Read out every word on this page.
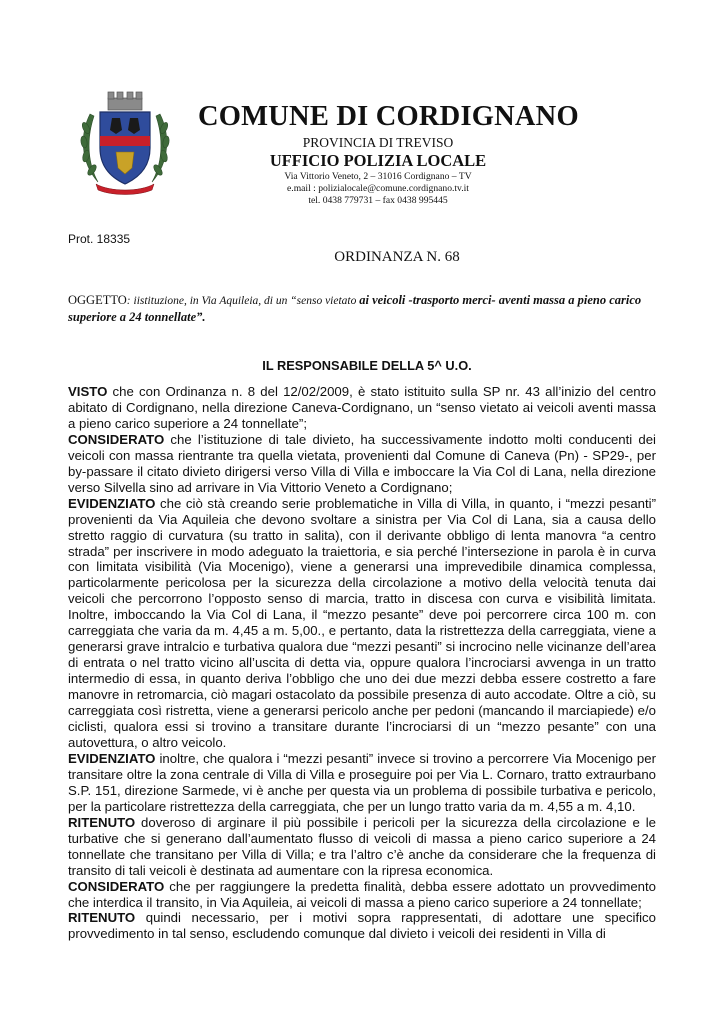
COMUNE DI CORDIGNANO
PROVINCIA DI TREVISO
UFFICIO POLIZIA LOCALE
Via Vittorio Veneto, 2 – 31016 Cordignano – TV
e.mail : polizialocale@comune.cordignano.tv.it
tel. 0438 779731 – fax 0438 995445
Prot. 18335
ORDINANZA N. 68
OGGETTO: iistituzione, in Via Aquileia, di un “senso vietato ai veicoli -trasporto merci- aventi massa a pieno carico superiore a 24 tonnellate”.
IL RESPONSABILE DELLA 5^ U.O.

VISTO che con Ordinanza n. 8 del 12/02/2009, è stato istituito sulla SP nr. 43 all’inizio del centro abitato di Cordignano, nella direzione Caneva-Cordignano, un “senso vietato ai veicoli aventi massa a pieno carico superiore a 24 tonnellate”;

CONSIDERATO che l’istituzione di tale divieto, ha successivamente indotto molti conducenti dei veicoli con massa rientrante tra quella vietata, provenienti dal Comune di Caneva (Pn) - SP29-, per by-passare il citato divieto dirigersi verso Villa di Villa e imboccare la Via Col di Lana, nella direzione verso Silvella sino ad arrivare in Via Vittorio Veneto a Cordignano;

EVIDENZIATO che ciò stà creando serie problematiche in Villa di Villa, in quanto, i “mezzi pesanti” provenienti da Via Aquileia che devono svoltare a sinistra per Via Col di Lana, sia a causa dello stretto raggio di curvatura (su tratto in salita), con il derivante obbligo di lenta manovra “a centro strada” per inscrivere in modo adeguato la traiettoria, e sia perché l’intersezione in parola è in curva con limitata visibilità (Via Mocenigo), viene a generarsi una imprevedibile dinamica complessa, particolarmente pericolosa per la sicurezza della circolazione a motivo della velocità tenuta dai veicoli che percorrono l’opposto senso di marcia, tratto in discesa con curva e visibilità limitata. Inoltre, imboccando la Via Col di Lana, il “mezzo pesante” deve poi percorrere circa 100 m. con carreggiata che varia da m. 4,45 a m. 5,00., e pertanto, data la ristrettezza della carreggiata, viene a generarsi grave intralcio e turbativa qualora due “mezzi pesanti” si incrocino nelle vicinanze dell’area di entrata o nel tratto vicino all’uscita di detta via, oppure qualora l’incrociarsi avvenga in un tratto intermedio di essa, in quanto deriva l’obbligo che uno dei due mezzi debba essere costretto a fare manovre in retromarcia, ciò magari ostacolato da possibile presenza di auto accodate. Oltre a ciò, su carreggiata così ristretta, viene a generarsi pericolo anche per pedoni (mancando il marciapiede) e/o ciclisti, qualora essi si trovino a transitare durante l’incrociarsi di un “mezzo pesante” con una autovettura, o altro veicolo.

EVIDENZIATO inoltre, che qualora i “mezzi pesanti” invece si trovino a percorrere Via Mocenigo per transitare oltre la zona centrale di Villa di Villa e proseguire poi per Via L. Cornaro, tratto extraurbano S.P. 151, direzione Sarmede, vi è anche per questa via un problema di possibile turbativa e pericolo, per la particolare ristrettezza della carreggiata, che per un lungo tratto varia da m. 4,55 a m. 4,10.

RITENUTO doveroso di arginare il più possibile i pericoli per la sicurezza della circolazione e le turbative che si generano dall’aumentato flusso di veicoli di massa a pieno carico superiore a 24 tonnellate che transitano per Villa di Villa; e tra l’altro c’è anche da considerare che la frequenza di transito di tali veicoli è destinata ad aumentare con la ripresa economica.

CONSIDERATO che per raggiungere la predetta finalità, debba essere adottato un provvedimento che interdica il transito, in Via Aquileia, ai veicoli di massa a pieno carico superiore a 24 tonnellate;

RITENUTO quindi necessario, per i motivi sopra rappresentati, di adottare une specifico provvedimento in tal senso, escludendo comunque dal divieto i veicoli dei residenti in Villa di
